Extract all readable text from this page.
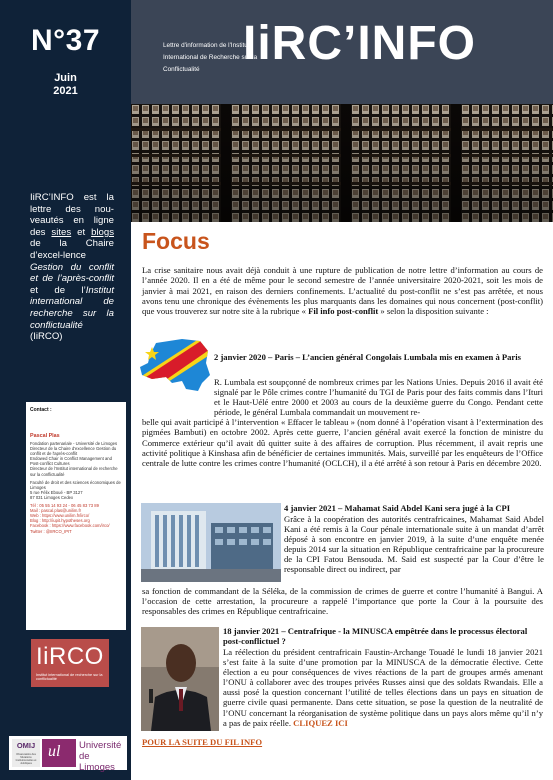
N°37
Juin
2021
IiRC’INFO est la lettre des nou-veautés en ligne des sites et blogs de la Chaire d’excel-lence Gestion du conflit et de l’après-conflit et de l’Institut international de recherche sur la conflictualité (IiRCO)
Contact :
Pascal Plas
Fondation partenariale - Université de Limoges
Directeur de la Chaire d'excellence Gestion du conflit et de l'après-conflit
Endowed Chair in Conflict Management and Post-conflict Cultures
Directeur de l'Institut international de recherche sur la conflictualité
Faculté de droit et des sciences économiques de Limoges
5 rue Félix Eboué - BP 3127
87 031 Limoges Cedex
Tél : 05 55 14 93 24 - 06 45 83 73 89
Mail : pascal.plas@unilim.fr
Web : https://www.unilim.fr/iirco/
Blog : http://iupit.hypotheses.org
Facebook : https://www.facebook.com/irco/
Twitter : @IIRCO_IPIT
IiRCO
Institut international de recherche sur la conflictualité
OMIJ
Observatoire des Mutations Institutionnelles et Juridiques
ul Université de Limoges
Lettre d'information de l'Institut International de Recherche sur la Conflictualité IiRC’INFO
Focus
La crise sanitaire nous avait déjà conduit à une rupture de publication de notre lettre d’information au cours de l’année 2020. Il en a été de même pour le second semestre de l’année universitaire 2020-2021, soit les mois de janvier à mai 2021, en raison des derniers confinements. L’actualité du post-conflit ne s’est pas arrêtée, et nous avons tenu une chronique des évènements les plus marquants dans les domaines qui nous concernent (post-conflit) que vous trouverez sur notre site à la rubrique « Fil info post-conflit » selon la disposition suivante :
2 janvier 2020 – Paris – L’ancien général Congolais Lumbala mis en examen à Paris
R. Lumbala est soupçonné de nombreux crimes par les Nations Unies. Depuis 2016 il avait été signalé par le Pôle crimes contre l’humanité du TGI de Paris pour des faits commis dans l’Ituri et le Haut-Uélé entre 2000 et 2003 au cours de la deuxième guerre du Congo. Pendant cette période, le général Lumbala commandait un mouvement re-
belle qui avait participé à l’intervention « Effacer le tableau » (nom donné à l’opération visant à l’extermination des pigmées Bambuti) en octobre 2002. Après cette guerre, l’ancien général avait exercé la fonction de ministre du Commerce extérieur qu’il avait dû quitter suite à des affaires de corruption. Plus récemment, il avait repris une activité politique à Kinshasa afin de bénéficier de certaines immunités. Mais, surveillé par les enquêteurs de l’Office centrale de lutte contre les crimes contre l’humanité (OCLCH), il a été arrêté à son retour à Paris en décembre 2020.
4 janvier 2021 – Mahamat Said Abdel Kani sera jugé à la CPI
Grâce à la coopération des autorités centrafricaines, Mahamat Said Abdel Kani a été remis à la Cour pénale internationale suite à un mandat d’arrêt déposé à son encontre en janvier 2019, à la suite d’une enquête menée depuis 2014 sur la situation en République centrafricaine par la procureure de la CPI Fatou Bensouda. M. Said est suspecté par la Cour d’être le responsable direct ou indirect, par
sa fonction de commandant de la Séléka, de la commission de crimes de guerre et contre l’humanité à Bangui. A l’occasion de cette arrestation, la procureure a rappelé l’importance que porte la Cour à la poursuite des responsables des crimes en République centrafricaine.
18 janvier 2021 – Centrafrique - la MINUSCA empêtrée dans le processus électoral post-conflictuel ?
La réélection du président centrafricain Faustin-Archange Touadé le lundi 18 janvier 2021 s’est faite à la suite d’une promotion par la MINUSCA de la démocratie élective. Cette élection a eu pour conséquences de vives réactions de la part de groupes armés amenant l’ONU à collaborer avec des troupes privées Russes ainsi que des soldats Rwandais. Elle a aussi posé la question concernant l’utilité de telles élections dans un pays en situation de guerre civile quasi permanente. Dans cette situation, se pose la question de la neutralité de l’ONU concernant la réorganisation de système politique dans un pays alors même qu’il n’y a pas de paix réelle. CLIQUEZ ICI
POUR LA SUITE DU FIL INFO
